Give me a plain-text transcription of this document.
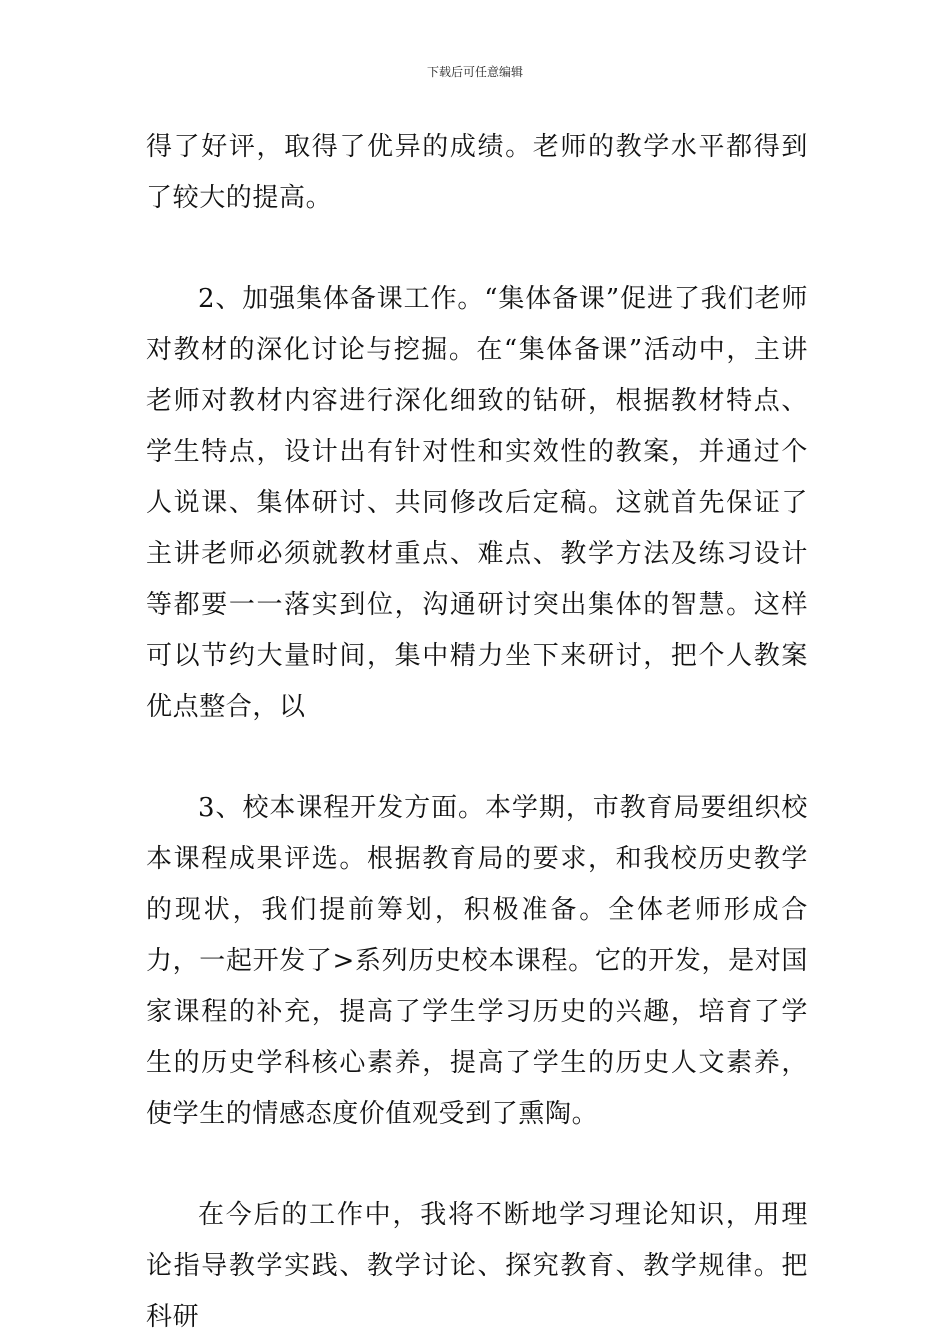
下载后可任意编辑

得了好评，取得了优异的成绩。老师的教学水平都得到了较大的提高。

2、加强集体备课工作。“集体备课”促进了我们老师对教材的深化讨论与挖掘。在“集体备课”活动中，主讲老师对教材内容进行深化细致的钻研，根据教材特点、学生特点，设计出有针对性和实效性的教案，并通过个人说课、集体研讨、共同修改后定稿。这就首先保证了主讲老师必须就教材重点、难点、教学方法及练习设计等都要一一落实到位，沟通研讨突出集体的智慧。这样可以节约大量时间，集中精力坐下来研讨，把个人教案优点整合，以

3、校本课程开发方面。本学期，市教育局要组织校本课程成果评选。根据教育局的要求，和我校历史教学的现状，我们提前筹划，积极准备。全体老师形成合力，一起开发了>系列历史校本课程。它的开发，是对国家课程的补充，提高了学生学习历史的兴趣，培育了学生的历史学科核心素养，提高了学生的历史人文素养，使学生的情感态度价值观受到了熏陶。

在今后的工作中，我将不断地学习理论知识，用理论指导教学实践、教学讨论、探究教育、教学规律。把科研
